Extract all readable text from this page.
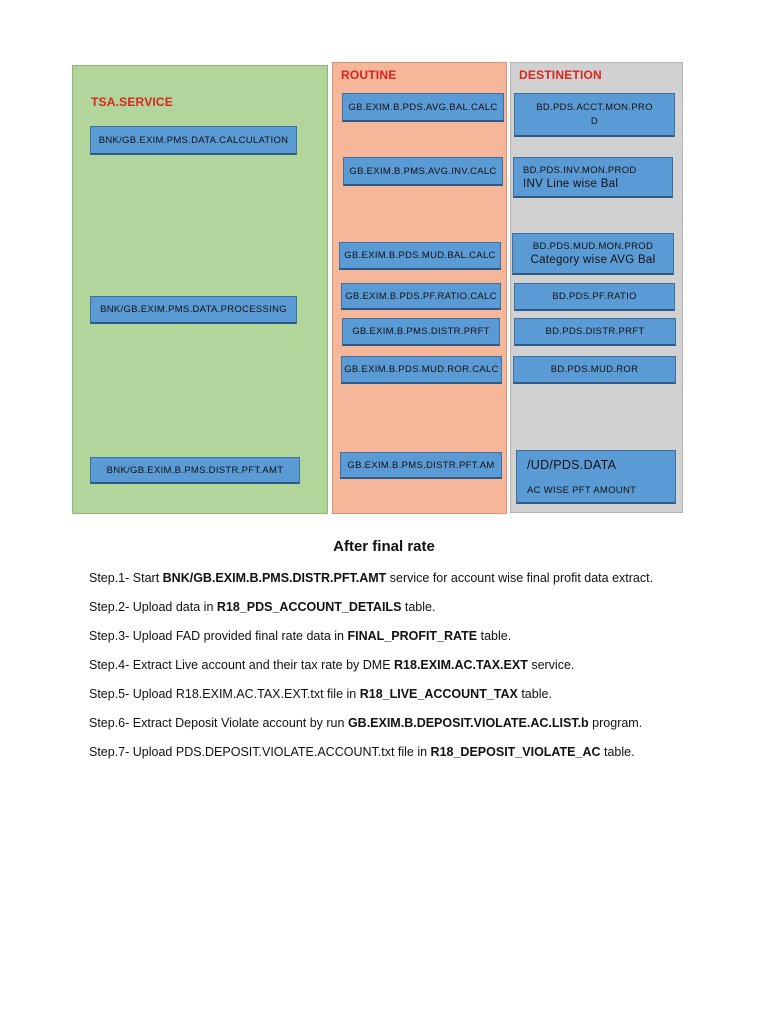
TSA.SERVICE
BNK/GB.EXIM.PMS.DATA.CALCULATION
BNK/GB.EXIM.PMS.DATA.PROCESSING
BNK/GB.EXIM.B.PMS.DISTR.PFT.AMT
ROUTINE
GB.EXIM.B.PDS.AVG.BAL.CALC
GB.EXIM.B.PMS.AVG.INV.CALC
GB.EXIM.B.PDS.MUD.BAL.CALC
GB.EXIM.B.PDS.PF.RATIO.CALC
GB.EXIM.B.PMS.DISTR.PRFT
GB.EXIM.B.PDS.MUD.ROR.CALC
GB.EXIM.B.PMS.DISTR.PFT.AM
DESTINETION
BD.PDS.ACCT.MON.PRO
D
BD.PDS.INV.MON.PROD
INV Line wise Bal
BD.PDS.MUD.MON.PROD
Category wise AVG Bal
BD.PDS.PF.RATIO
BD.PDS.DISTR.PRFT
BD.PDS.MUD.ROR
/UD/PDS.DATA
AC WISE PFT AMOUNT
After final rate
Step.1- Start BNK/GB.EXIM.B.PMS.DISTR.PFT.AMT service for account wise final profit data extract.
Step.2- Upload data in R18_PDS_ACCOUNT_DETAILS table.
Step.3- Upload FAD provided final rate data in FINAL_PROFIT_RATE table.
Step.4- Extract Live account and their tax rate by DME R18.EXIM.AC.TAX.EXT service.
Step.5- Upload R18.EXIM.AC.TAX.EXT.txt file in R18_LIVE_ACCOUNT_TAX table.
Step.6- Extract Deposit Violate account by run GB.EXIM.B.DEPOSIT.VIOLATE.AC.LIST.b program.
Step.7- Upload PDS.DEPOSIT.VIOLATE.ACCOUNT.txt file in R18_DEPOSIT_VIOLATE_AC table.
